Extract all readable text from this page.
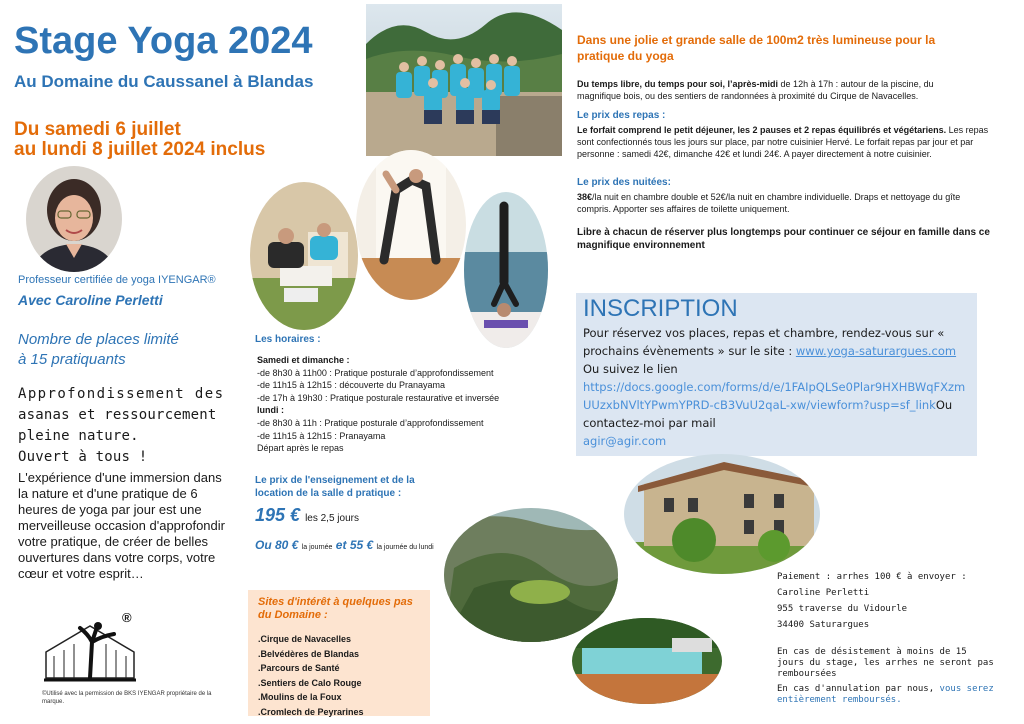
Stage Yoga 2024
Au Domaine du Caussanel à Blandas
Du samedi 6 juillet
au lundi 8 juillet 2024 inclus
Professeur certifiée de yoga IYENGAR®
Avec Caroline Perletti
Nombre de places limité
à 15 pratiquants
Approfondissement des
asanas et ressourcement
pleine nature.
Ouvert à tous !
L'expérience d'une immersion dans la nature et d'une pratique de 6 heures de yoga par jour est une merveilleuse occasion d'approfondir votre pratique, de créer de belles ouvertures dans votre corps, votre cœur et votre esprit…
®
©Utilisé avec la permission de BKS IYENGAR propriétaire de la marque.
Les horaires :
Samedi et dimanche :
-de 8h30 à 11h00 : Pratique posturale d’approfondissement
-de 11h15 à 12h15 : découverte du Pranayama
-de 17h à 19h30 : Pratique posturale restaurative et inversée
lundi :
-de 8h30 à 11h : Pratique posturale d’approfondissement
-de 11h15 à 12h15 : Pranayama
Départ après le repas
Le prix de l'enseignement et de la location de la salle d pratique :
195 € les 2,5 jours
Ou 80 € la journée et 55 € la journée du lundi
Sites d'intérêt à quelques pas du Domaine :
.Cirque de Navacelles
.Belvédères de Blandas
.Parcours de Santé
.Sentiers de Calo Rouge
.Moulins de la Foux
.Cromlech de Peyrarines
Dans une jolie et grande salle de 100m2 très lumineuse pour la pratique du yoga
Du temps libre, du temps pour soi, l’après-midi de 12h à 17h : autour de la piscine, du magnifique bois, ou des sentiers de randonnées à proximité du Cirque de Navacelles.
Le prix des repas :
Le forfait comprend le petit déjeuner, les 2 pauses et 2 repas équilibrés et végétariens. Les repas sont confectionnés tous les jours sur place, par notre cuisinier Hervé. Le forfait repas par jour et par personne : samedi 42€, dimanche 42€ et lundi 24€. A payer directement à notre cuisinier.
Le prix des nuitées:
38€/la nuit en chambre double et 52€/la nuit en chambre individuelle. Draps et nettoyage du gîte compris. Apporter ses affaires de toilette uniquement.
Libre à chacun de réserver plus longtemps pour continuer ce séjour en famille dans ce magnifique environnement
INSCRIPTION
Pour réservez vos places, repas et chambre, rendez-vous sur « prochains évènements » sur le site : www.yoga-saturargues.com
Ou suivez le lien
https://docs.google.com/forms/d/e/1FAIpQLSe0Plar9HXHBWqFXzmUUzxbNVltYPwmYPRD-cB3VuU2qaL-xw/viewform?usp=sf_linkOu contactez-moi par mail
agir@agir.com
Paiement : arrhes 100 € à envoyer :
Caroline Perletti
955 traverse du Vidourle
34400 Saturargues
En cas de désistement à moins de 15 jours du stage, les arrhes ne seront pas remboursées
En cas d'annulation par nous, vous serez entièrement remboursés.
